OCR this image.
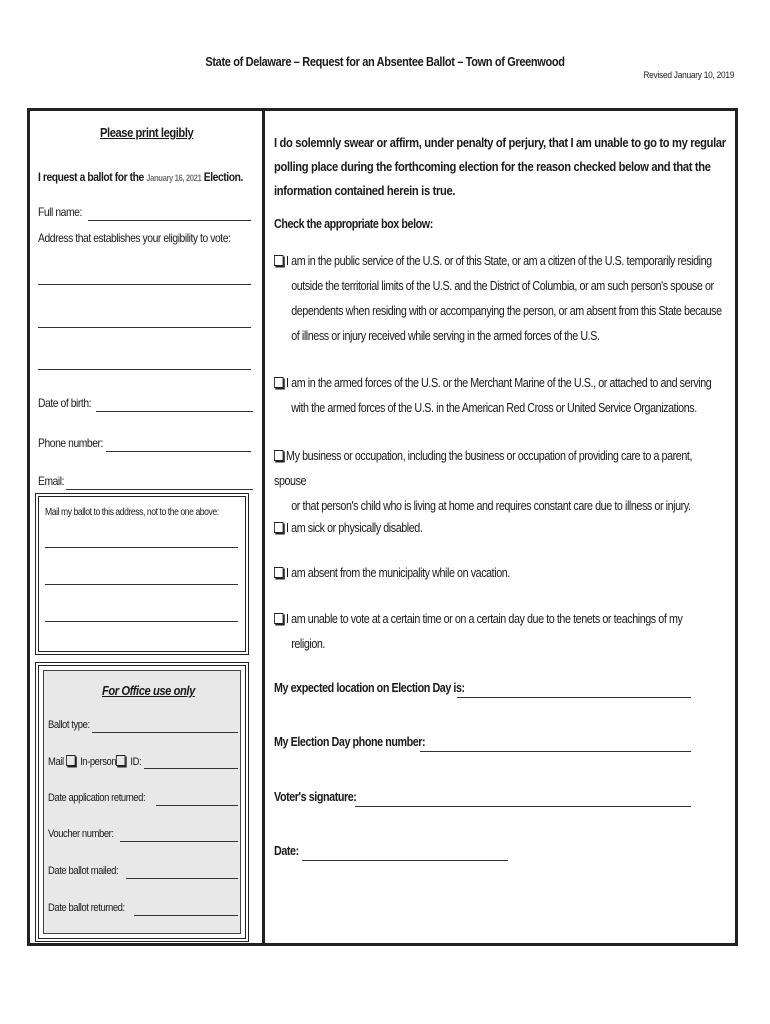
State of Delaware – Request for an Absentee Ballot – Town of Greenwood
Revised January 10, 2019
Please print legibly
I request a ballot for the January 16, 2021 Election.
Full name:
Address that establishes your eligibility to vote:
Date of birth:
Phone number:
Email:
Mail my ballot to this address, not to the one above:
For Office use only
Ballot type:
Mail In-person ID:
Date application returned:
Voucher number:
Date ballot mailed:
Date ballot returned:
I do solemnly swear or affirm, under penalty of perjury, that I am unable to go to my regular polling place during the forthcoming election for the reason checked below and that the information contained herein is true.
Check the appropriate box below:
I am in the public service of the U.S. or of this State, or am a citizen of the U.S. temporarily residing
outside the territorial limits of the U.S. and the District of Columbia, or am such person's spouse or
dependents when residing with or accompanying the person, or am absent from this State because
of illness or injury received while serving in the armed forces of the U.S.
I am in the armed forces of the U.S. or the Merchant Marine of the U.S., or attached to and serving
with the armed forces of the U.S. in the American Red Cross or United Service Organizations.
My business or occupation, including the business or occupation of providing care to a parent, spouse
or that person's child who is living at home and requires constant care due to illness or injury.
I am sick or physically disabled.
I am absent from the municipality while on vacation.
I am unable to vote at a certain time or on a certain day due to the tenets or teachings of my
religion.
My expected location on Election Day is:
My Election Day phone number:
Voter's signature:
Date:
